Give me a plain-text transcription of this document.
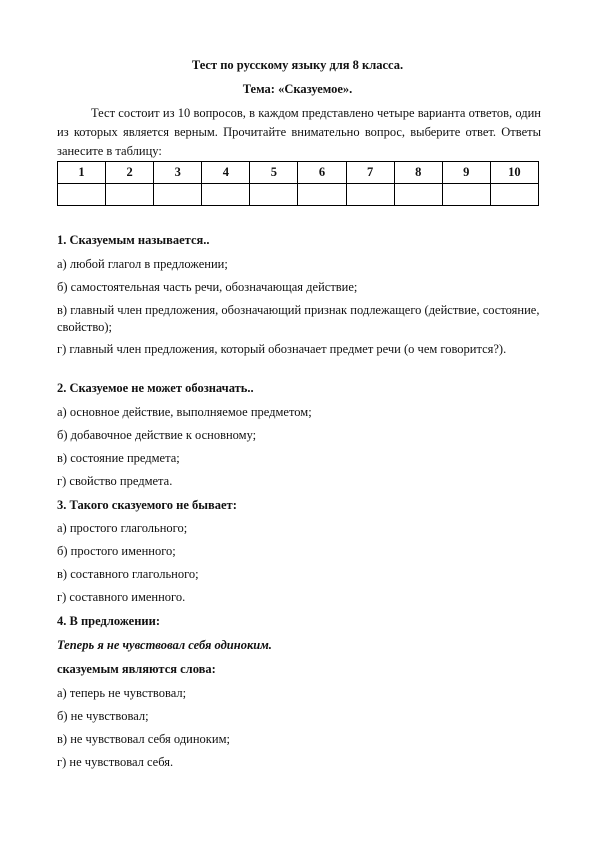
Тест по русскому языку для 8 класса.
Тема: «Сказуемое».
Тест состоит из 10 вопросов, в каждом представлено четыре варианта ответов, один из которых является верным. Прочитайте внимательно вопрос, выберите ответ. Ответы занесите в таблицу:
1	2	3	4	5	6	7	8	9	10

1. Сказуемым называется..
а) любой глагол в предложении;
б) самостоятельная часть речи, обозначающая действие;
в) главный член предложения, обозначающий признак подлежащего (действие, состояние, свойство);
г) главный член предложения, который обозначает предмет речи (о чем говорится?).
2. Сказуемое не может обозначать..
а) основное действие, выполняемое предметом;
б) добавочное действие к основному;
в) состояние предмета;
г) свойство предмета.
3. Такого сказуемого не бывает:
а) простого глагольного;
б) простого именного;
в) составного глагольного;
г) составного именного.
4. В предложении:
Теперь я не чувствовал себя одиноким.
сказуемым являются слова:
а) теперь не чувствовал;
б) не чувствовал;
в) не чувствовал себя одиноким;
г) не чувствовал себя.
